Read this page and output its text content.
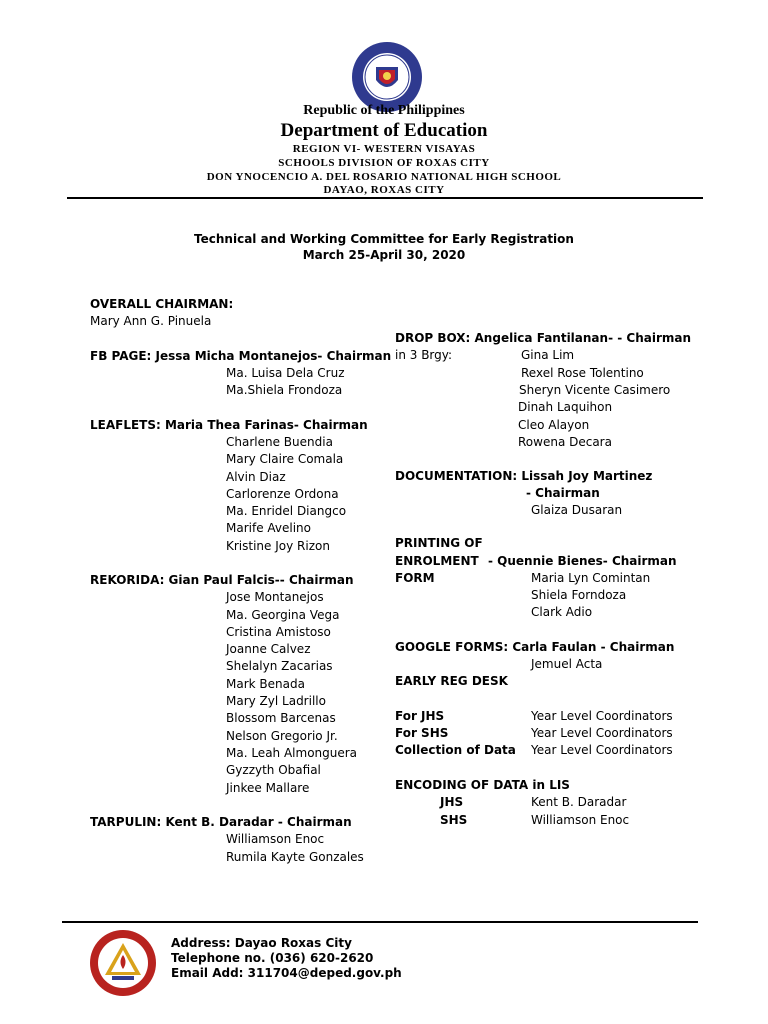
Republic of the Philippines
Department of Education
REGION VI- WESTERN VISAYAS
SCHOOLS DIVISION OF ROXAS CITY
DON YNOCENCIO A. DEL ROSARIO NATIONAL HIGH SCHOOL
DAYAO, ROXAS CITY
Technical and Working Committee for Early Registration
March 25-April 30, 2020
OVERALL CHAIRMAN:
Mary Ann G. Pinuela
FB PAGE: Jessa Micha Montanejos- Chairman
Ma. Luisa Dela Cruz
Ma.Shiela Frondoza
LEAFLETS: Maria Thea Farinas- Chairman
Charlene Buendia
Mary Claire Comala
Alvin Diaz
Carlorenze Ordona
Ma. Enridel Diangco
Marife Avelino
Kristine Joy Rizon
REKORIDA: Gian Paul Falcis-- Chairman
Jose Montanejos
Ma. Georgina Vega
Cristina Amistoso
Joanne Calvez
Shelalyn Zacarias
Mark Benada
Mary Zyl Ladrillo
Blossom Barcenas
Nelson Gregorio Jr.
Ma. Leah Almonguera
Gyzzyth Obafial
Jinkee Mallare
TARPULIN: Kent B. Daradar - Chairman
Williamson Enoc
Rumila Kayte Gonzales
DROP BOX: Angelica Fantilanan- - Chairman
in 3 Brgy:	Gina Lim
Rexel Rose Tolentino
Sheryn Vicente Casimero
Dinah Laquihon
Cleo Alayon
Rowena Decara
DOCUMENTATION: Lissah Joy Martinez
- Chairman
Glaiza Dusaran
PRINTING OF
ENROLMENT - Quennie Bienes- Chairman
FORM	Maria Lyn Comintan
Shiela Forndoza
Clark Adio
GOOGLE FORMS: Carla Faulan - Chairman
Jemuel Acta
EARLY REG DESK
For JHS	Year Level Coordinators
For SHS	Year Level Coordinators
Collection of Data Year Level Coordinators
ENCODING OF DATA in LIS
JHS	Kent B. Daradar
SHS	Williamson Enoc
Address: Dayao Roxas City
Telephone no. (036) 620-2620
Email Add: 311704@deped.gov.ph
